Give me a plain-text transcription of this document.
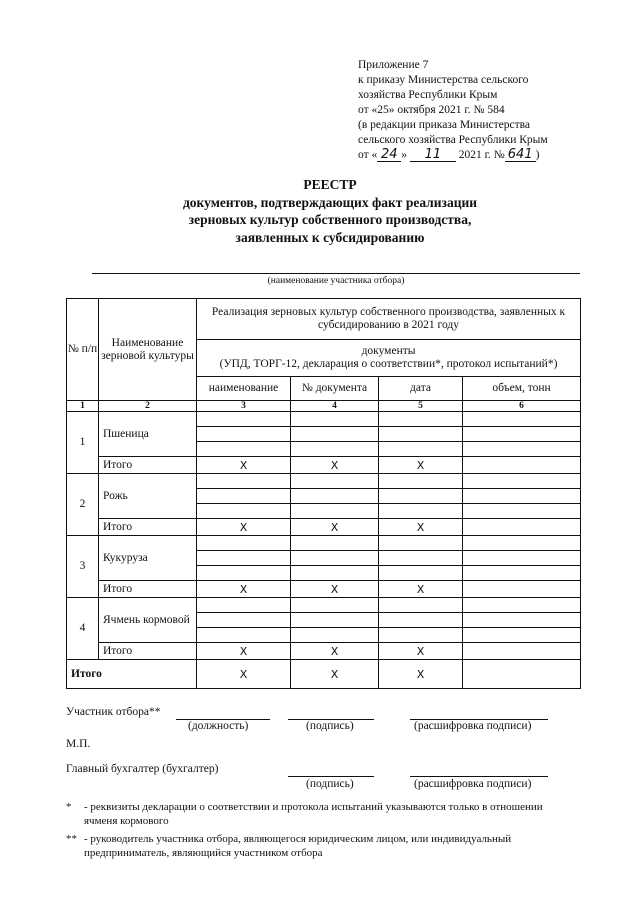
Приложение 7
к приказу Министерства сельского
хозяйства Республики Крым
от «25» октября 2021 г. № 584
(в редакции приказа Министерства
сельского хозяйства Республики Крым
от « 24 » 11 2021 г. № 641 )
РЕЕСТР
документов, подтверждающих факт реализации
зерновых культур собственного производства,
заявленных к субсидированию
(наименование участника отбора)
№ п/п	Наименование зерновой культуры	Реализация зерновых культур собственного производства, заявленных к субсидированию в 2021 году			

		документы
(УПД, ТОРГ-12, декларация о соответствии*, протокол испытаний*)			

		наименование	№ документа	дата	объем, тонн
1	2	3	4	5	6
1	Пшеница				

	Итого	X	X	X	
2	Рожь				

	Итого	X	X	X	
3	Кукуруза				

	Итого	X	X	X	
4	Ячмень кормовой				

	Итого	X	X	X	
Итого		X	X	X	
Участник отбора**
(должность)	(подпись)	(расшифровка подписи)
М.П.
Главный бухгалтер (бухгалтер)
(подпись)	(расшифровка подписи)
*	- реквизиты декларации о соответствии и протокола испытаний указываются только в отношении ячменя кормового
** - руководитель участника отбора, являющегося юридическим лицом, или индивидуальный предприниматель, являющийся участником отбора
